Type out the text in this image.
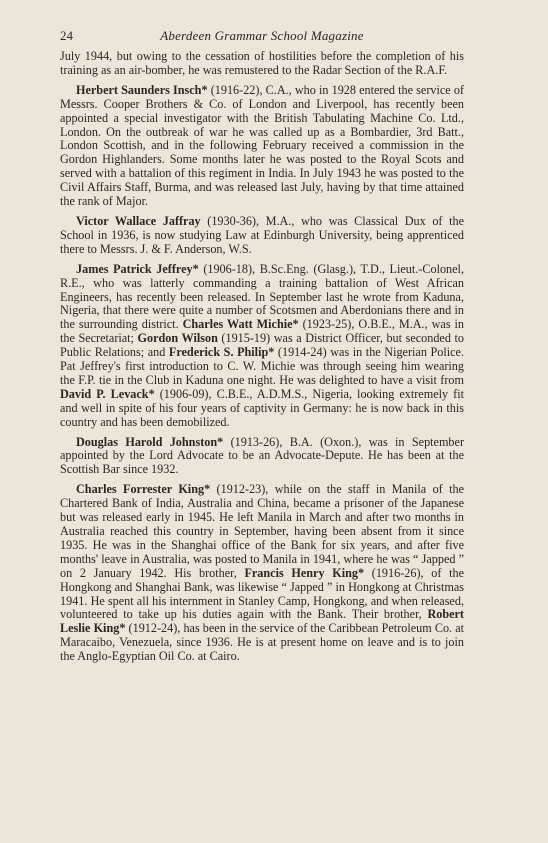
24	Aberdeen Grammar School Magazine

July 1944, but owing to the cessation of hostilities before the completion of his training as an air-bomber, he was remustered to the Radar Section of the R.A.F.

Herbert Saunders Insch* (1916-22), C.A., who in 1928 entered the service of Messrs. Cooper Brothers & Co. of London and Liverpool, has recently been appointed a special investigator with the British Tabulating Machine Co. Ltd., London. On the outbreak of war he was called up as a Bombardier, 3rd Batt., London Scottish, and in the following February received a commission in the Gordon Highlanders. Some months later he was posted to the Royal Scots and served with a battalion of this regiment in India. In July 1943 he was posted to the Civil Affairs Staff, Burma, and was released last July, having by that time attained the rank of Major.

Victor Wallace Jaffray (1930-36), M.A., who was Classical Dux of the School in 1936, is now studying Law at Edinburgh University, being apprenticed there to Messrs. J. & F. Anderson, W.S.

James Patrick Jeffrey* (1906-18), B.Sc.Eng. (Glasg.), T.D., Lieut.-Colonel, R.E., who was latterly commanding a training battalion of West African Engineers, has recently been released. In September last he wrote from Kaduna, Nigeria, that there were quite a number of Scotsmen and Aberdonians there and in the surrounding district. Charles Watt Michie* (1923-25), O.B.E., M.A., was in the Secretariat; Gordon Wilson (1915-19) was a District Officer, but seconded to Public Relations; and Frederick S. Philip* (1914-24) was in the Nigerian Police. Pat Jeffrey's first introduction to C. W. Michie was through seeing him wearing the F.P. tie in the Club in Kaduna one night. He was delighted to have a visit from David P. Levack* (1906-09), C.B.E., A.D.M.S., Nigeria, looking extremely fit and well in spite of his four years of captivity in Germany: he is now back in this country and has been demobilized.

Douglas Harold Johnston* (1913-26), B.A. (Oxon.), was in September appointed by the Lord Advocate to be an Advocate-Depute. He has been at the Scottish Bar since 1932.

Charles Forrester King* (1912-23), while on the staff in Manila of the Chartered Bank of India, Australia and China, became a prisoner of the Japanese but was released early in 1945. He left Manila in March and after two months in Australia reached this country in September, having been absent from it since 1935. He was in the Shanghai office of the Bank for six years, and after five months' leave in Australia, was posted to Manila in 1941, where he was “ Japped ” on 2 January 1942. His brother, Francis Henry King* (1916-26), of the Hongkong and Shanghai Bank, was likewise “ Japped ” in Hongkong at Christmas 1941. He spent all his internment in Stanley Camp, Hongkong, and when released, volunteered to take up his duties again with the Bank. Their brother, Robert Leslie King* (1912-24), has been in the service of the Caribbean Petroleum Co. at Maracaibo, Venezuela, since 1936. He is at present home on leave and is to join the Anglo-Egyptian Oil Co. at Cairo.
